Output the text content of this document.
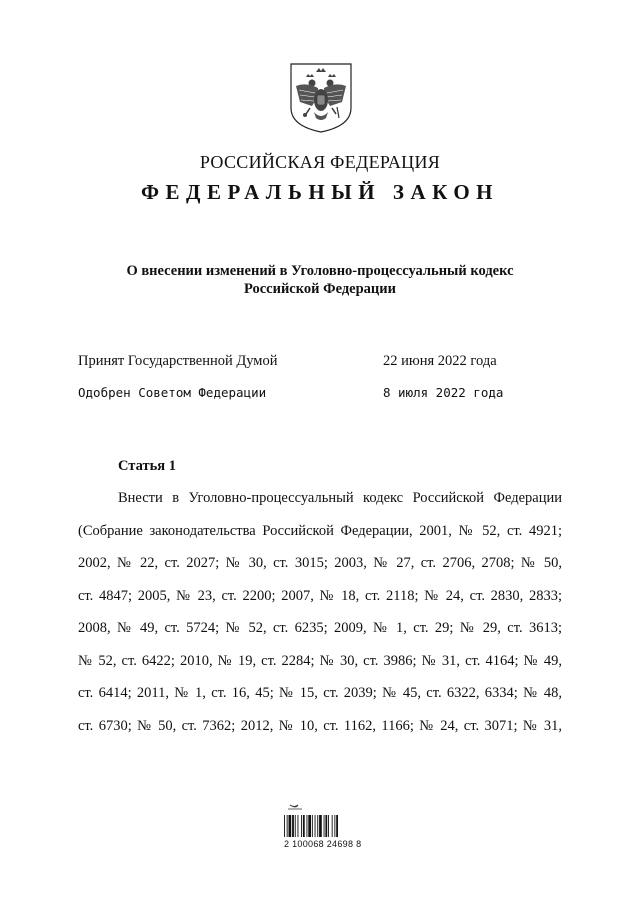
РОССИЙСКАЯ ФЕДЕРАЦИЯ
ФЕДЕРАЛЬНЫЙ ЗАКОН
О внесении изменений в Уголовно-процессуальный кодекс
Российской Федерации
Принят Государственной Думой	22 июня 2022 года
Одобрен Советом Федерации	8 июля 2022 года
Статья 1
Внести в Уголовно-процессуальный кодекс Российской Федерации
(Собрание законодательства Российской Федерации, 2001, № 52, ст. 4921;
2002, № 22, ст. 2027; № 30, ст. 3015; 2003, № 27, ст. 2706, 2708; № 50,
ст. 4847; 2005, № 23, ст. 2200; 2007, № 18, ст. 2118; № 24, ст. 2830, 2833;
2008, № 49, ст. 5724; № 52, ст. 6235; 2009, № 1, ст. 29; № 29, ст. 3613;
№ 52, ст. 6422; 2010, № 19, ст. 2284; № 30, ст. 3986; № 31, ст. 4164; № 49,
ст. 6414; 2011, № 1, ст. 16, 45; № 15, ст. 2039; № 45, ст. 6322, 6334; № 48,
ст. 6730; № 50, ст. 7362; 2012, № 10, ст. 1162, 1166; № 24, ст. 3071; № 31,
2 100068 24698 8
